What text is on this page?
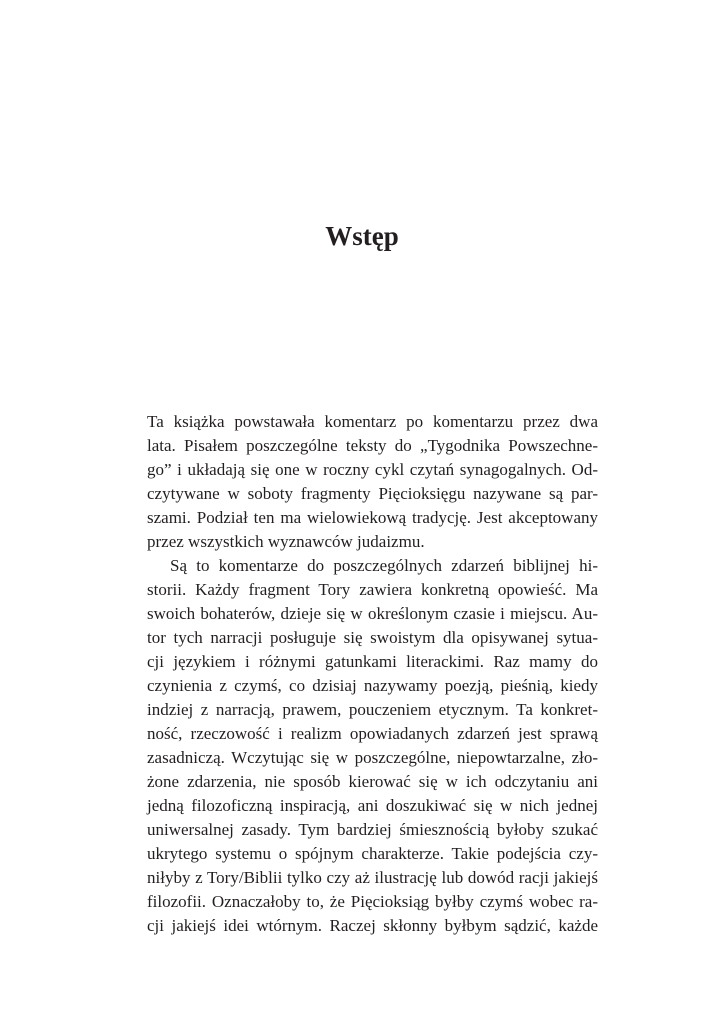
Wstęp
Ta książka powstawała komentarz po komentarzu przez dwa
lata. Pisałem poszczególne teksty do „Tygodnika Powszechne-
go” i układają się one w roczny cykl czytań synagogalnych. Od-
czytywane w soboty fragmenty Pięcioksięgu nazywane są par-
szami. Podział ten ma wielowiekową tradycję. Jest akceptowany
przez wszystkich wyznawców judaizmu.
Są to komentarze do poszczególnych zdarzeń biblijnej hi-
storii. Każdy fragment Tory zawiera konkretną opowieść. Ma
swoich bohaterów, dzieje się w określonym czasie i miejscu. Au-
tor tych narracji posługuje się swoistym dla opisywanej sytua-
cji językiem i różnymi gatunkami literackimi. Raz mamy do
czynienia z czymś, co dzisiaj nazywamy poezją, pieśnią, kiedy
indziej z narracją, prawem, pouczeniem etycznym. Ta konkret-
ność, rzeczowość i realizm opowiadanych zdarzeń jest sprawą
zasadniczą. Wczytując się w poszczególne, niepowtarzalne, zło-
żone zdarzenia, nie sposób kierować się w ich odczytaniu ani
jedną filozoficzną inspiracją, ani doszukiwać się w nich jednej
uniwersalnej zasady. Tym bardziej śmiesznością byłoby szukać
ukrytego systemu o spójnym charakterze. Takie podejścia czy-
niłyby z Tory/Biblii tylko czy aż ilustrację lub dowód racji jakiejś
filozofii. Oznaczałoby to, że Pięcioksiąg byłby czymś wobec ra-
cji jakiejś idei wtórnym. Raczej skłonny byłbym sądzić, każde
